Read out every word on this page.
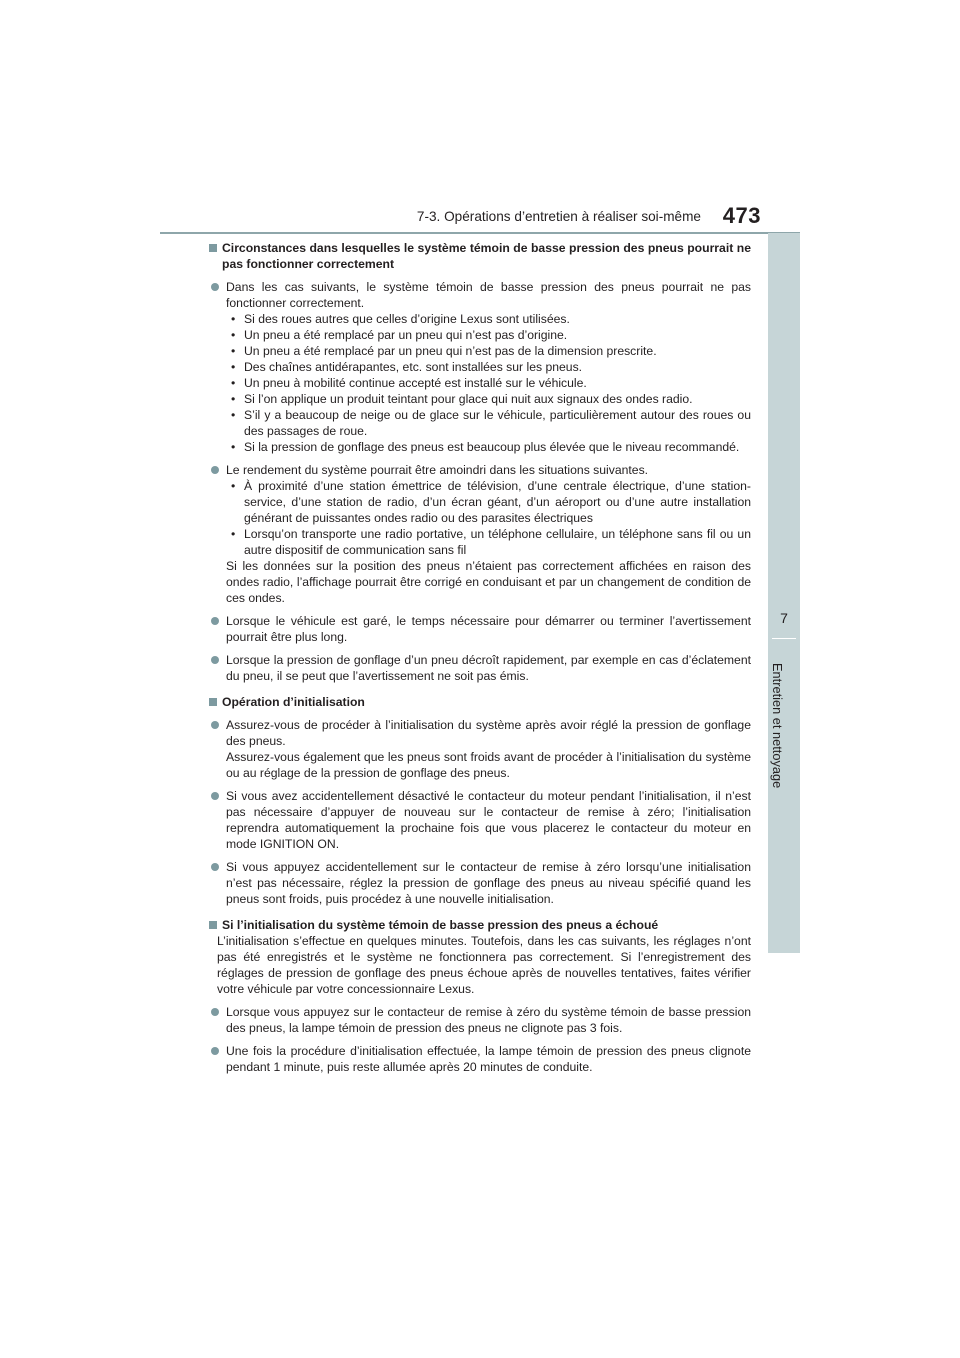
7-3. Opérations d’entretien à réaliser soi-même 473
7
Entretien et nettoyage

Circonstances dans lesquelles le système témoin de basse pression des pneus pourrait ne pas fonctionner correctement

Dans les cas suivants, le système témoin de basse pression des pneus pourrait ne pas fonctionner correctement.

• Si des roues autres que celles d’origine Lexus sont utilisées.

• Un pneu a été remplacé par un pneu qui n’est pas d’origine.

• Un pneu a été remplacé par un pneu qui n’est pas de la dimension prescrite.

• Des chaînes antidérapantes, etc. sont installées sur les pneus.

• Un pneu à mobilité continue accepté est installé sur le véhicule.

• Si l’on applique un produit teintant pour glace qui nuit aux signaux des ondes radio.

• S’il y a beaucoup de neige ou de glace sur le véhicule, particulièrement autour des roues ou des passages de roue.

• Si la pression de gonflage des pneus est beaucoup plus élevée que le niveau recommandé.

Le rendement du système pourrait être amoindri dans les situations suivantes.

• À proximité d’une station émettrice de télévision, d’une centrale électrique, d’une station-service, d’une station de radio, d’un écran géant, d’un aéroport ou d’une autre installation générant de puissantes ondes radio ou des parasites électriques

• Lorsqu’on transporte une radio portative, un téléphone cellulaire, un téléphone sans fil ou un autre dispositif de communication sans fil

Si les données sur la position des pneus n’étaient pas correctement affichées en raison des ondes radio, l’affichage pourrait être corrigé en conduisant et par un changement de condition de ces ondes.

Lorsque le véhicule est garé, le temps nécessaire pour démarrer ou terminer l’avertissement pourrait être plus long.

Lorsque la pression de gonflage d’un pneu décroît rapidement, par exemple en cas d’éclatement du pneu, il se peut que l’avertissement ne soit pas émis.

Opération d’initialisation

Assurez-vous de procéder à l’initialisation du système après avoir réglé la pression de gonflage des pneus.

Assurez-vous également que les pneus sont froids avant de procéder à l’initialisation du système ou au réglage de la pression de gonflage des pneus.

Si vous avez accidentellement désactivé le contacteur du moteur pendant l’initialisation, il n’est pas nécessaire d’appuyer de nouveau sur le contacteur de remise à zéro; l’initialisation reprendra automatiquement la prochaine fois que vous placerez le contacteur du moteur en mode IGNITION ON.

Si vous appuyez accidentellement sur le contacteur de remise à zéro lorsqu’une initialisation n’est pas nécessaire, réglez la pression de gonflage des pneus au niveau spécifié quand les pneus sont froids, puis procédez à une nouvelle initialisation.

Si l’initialisation du système témoin de basse pression des pneus a échoué

L’initialisation s’effectue en quelques minutes. Toutefois, dans les cas suivants, les réglages n’ont pas été enregistrés et le système ne fonctionnera pas correctement. Si l’enregistrement des réglages de pression de gonflage des pneus échoue après de nouvelles tentatives, faites vérifier votre véhicule par votre concessionnaire Lexus.

Lorsque vous appuyez sur le contacteur de remise à zéro du système témoin de basse pression des pneus, la lampe témoin de pression des pneus ne clignote pas 3 fois.

Une fois la procédure d’initialisation effectuée, la lampe témoin de pression des pneus clignote pendant 1 minute, puis reste allumée après 20 minutes de conduite.
